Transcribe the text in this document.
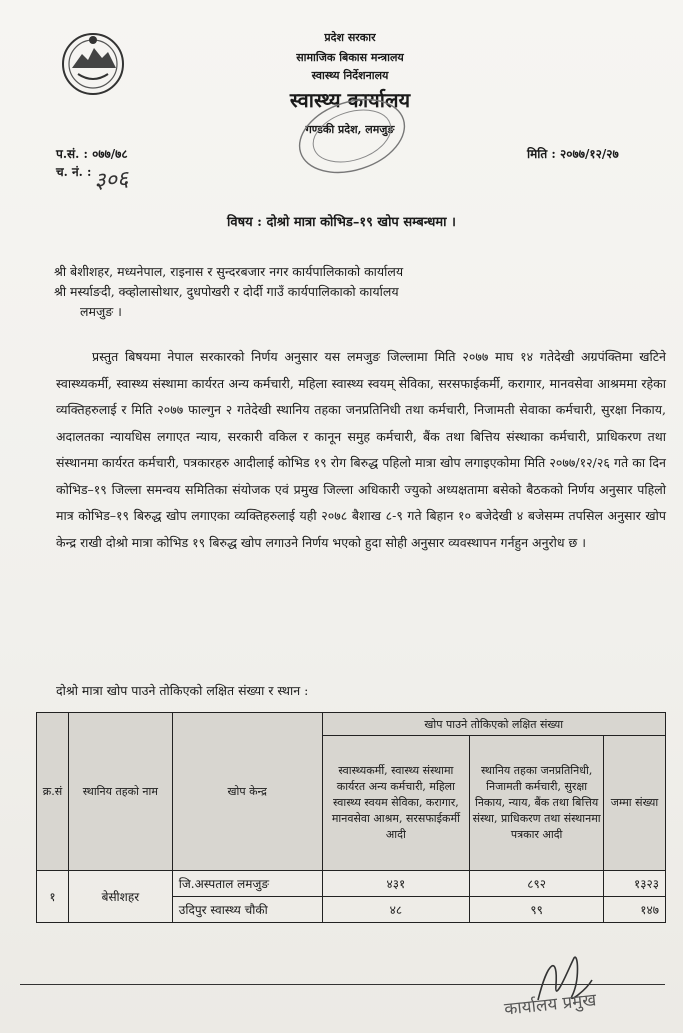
प्रदेश सरकार
सामाजिक बिकास मन्त्रालय
स्वास्थ्य निर्देशनालय
स्वास्थ्य कार्यालय
गण्डकी प्रदेश, लमजुङ
प.सं. : ०७७/७८
च. नं. : ३०६
मिति : २०७७/१२/२७
विषय : दोश्रो मात्रा कोभिड–१९ खोप सम्बन्धमा ।
श्री बेशीशहर, मध्यनेपाल, राइनास र सुन्दरबजार नगर कार्यपालिकाको कार्यालय
श्री मर्स्याङदी, क्व्होलासोथार, दुधपोखरी र दोर्दी गाउँ कार्यपालिकाको कार्यालय
लमजुङ ।
प्रस्तुत बिषयमा नेपाल सरकारको निर्णय अनुसार यस लमजुङ जिल्लामा मिति २०७७ माघ १४ गतेदेखी अग्रपंक्तिमा खटिने स्वास्थ्यकर्मी, स्वास्थ्य संस्थामा कार्यरत अन्य कर्मचारी, महिला स्वास्थ्य स्वयम् सेविका, सरसफाईकर्मी, करागार, मानवसेवा आश्रममा रहेका व्यक्तिहरुलाई र मिति २०७७ फाल्गुन २ गतेदेखी स्थानिय तहका जनप्रतिनिधी तथा कर्मचारी, निजामती सेवाका कर्मचारी, सुरक्षा निकाय, अदालतका न्यायधिस लगाएत न्याय, सरकारी वकिल र कानून समुह कर्मचारी, बैंक तथा बित्तिय संस्थाका कर्मचारी, प्राधिकरण तथा संस्थानमा कार्यरत कर्मचारी, पत्रकारहरु आदीलाई कोभिड १९ रोग बिरुद्ध पहिलो मात्रा खोप लगाइएकोमा मिति २०७७/१२/२६ गते का दिन कोभिड–१९ जिल्ला समन्वय समितिका संयोजक एवं प्रमुख जिल्ला अधिकारी ज्युको अध्यक्षतामा बसेको बैठकको निर्णय अनुसार पहिलो मात्र कोभिड–१९ बिरुद्ध खोप लगाएका व्यक्तिहरुलाई यही २०७८ बैशाख ८-९ गते बिहान १० बजेदेखी ४ बजेसम्म तपसिल अनुसार खोप केन्द्र राखी दोश्रो मात्रा कोभिड १९ बिरुद्ध खोप लगाउने निर्णय भएको हुदा सोही अनुसार व्यवस्थापन गर्नहुन अनुरोध छ ।
दोश्रो मात्रा खोप पाउने तोकिएको लक्षित संख्या र स्थान :
क्र.सं	स्थानिय तहको नाम	खोप केन्द्र	खोप पाउने तोकिएको लक्षित संख्या		
			स्वास्थ्यकर्मी, स्वास्थ्य संस्थामा कार्यरत अन्य कर्मचारी, महिला स्वास्थ्य स्वयम सेविका, करागार, मानवसेवा आश्रम, सरसफाईकर्मी आदी	स्थानिय तहका जनप्रतिनिधी, निजामती कर्मचारी, सुरक्षा निकाय, न्याय, बैंक तथा बित्तिय संस्था, प्राधिकरण तथा संस्थानमा पत्रकार आदी	जम्मा संख्या
१	बेसीशहर	जि.अस्पताल लमजुङ	४३१	८९२	१३२३
		उदिपुर स्वास्थ्य चौकी	४८	९९	१४७
कार्यालय प्रमुख
